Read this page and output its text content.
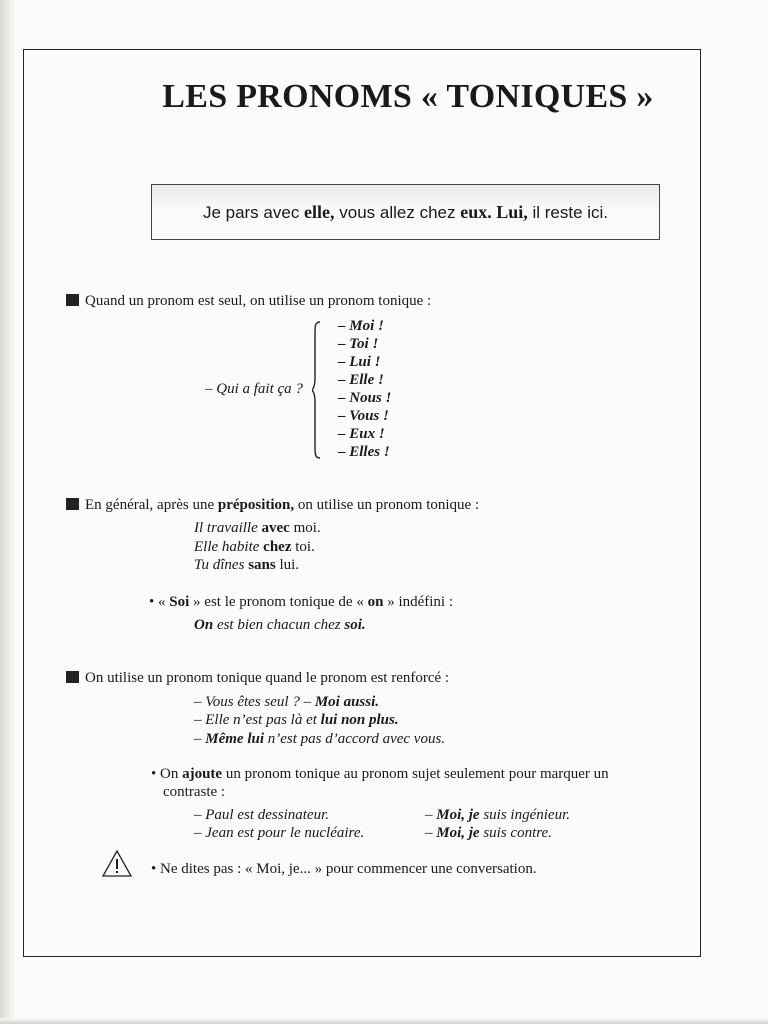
LES PRONOMS « TONIQUES »
Je pars avec elle, vous allez chez eux. Lui, il reste ici.
Quand un pronom est seul, on utilise un pronom tonique :
– Qui a fait ça ?
– Moi !
– Toi !
– Lui !
– Elle !
– Nous !
– Vous !
– Eux !
– Elles !
En général, après une préposition, on utilise un pronom tonique :
Il travaille avec moi.
Elle habite chez toi.
Tu dînes sans lui.
• « Soi » est le pronom tonique de « on » indéfini :
On est bien chacun chez soi.
On utilise un pronom tonique quand le pronom est renforcé :
– Vous êtes seul ? – Moi aussi.
– Elle n’est pas là et lui non plus.
– Même lui n’est pas d’accord avec vous.
• On ajoute un pronom tonique au pronom sujet seulement pour marquer un
contraste :
– Paul est dessinateur.	– Moi, je suis ingénieur.
– Jean est pour le nucléaire.	– Moi, je suis contre.
• Ne dites pas : « Moi, je... » pour commencer une conversation.
